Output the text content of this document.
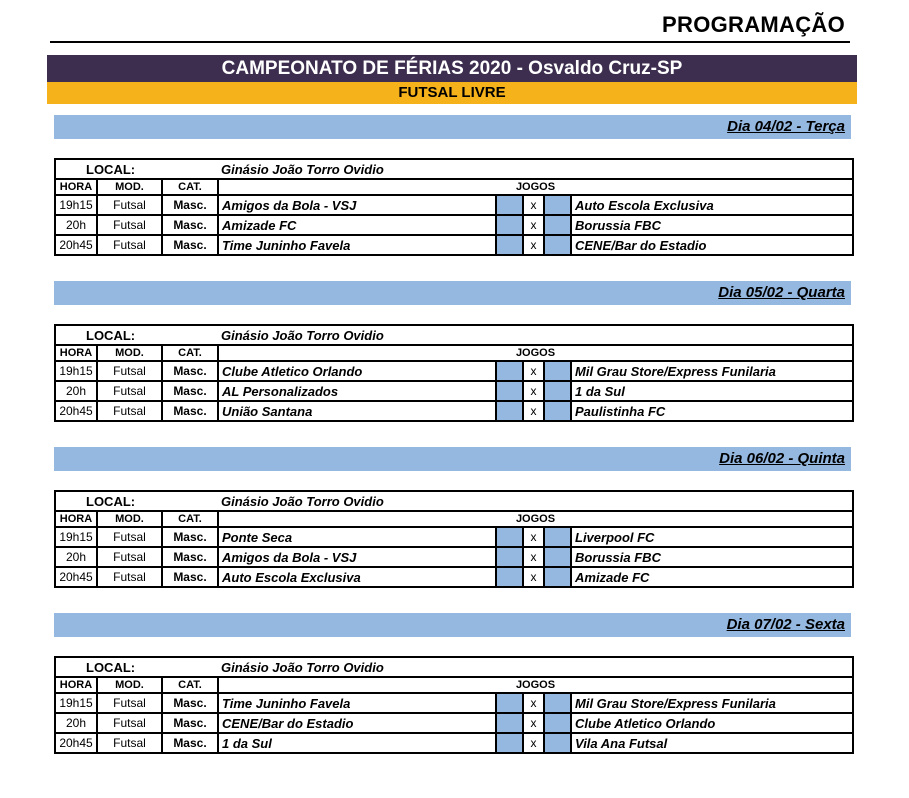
PROGRAMAÇÃO
CAMPEONATO DE FÉRIAS 2020 - Osvaldo Cruz-SP
FUTSAL LIVRE
Dia 04/02 - Terça
LOCAL:			Ginásio João Torro Ovidio				
HORA	MOD.	CAT.	JOGOS				
19h15	Futsal	Masc.	Amigos da Bola - VSJ		x		Auto Escola Exclusiva
20h	Futsal	Masc.	Amizade FC		x		Borussia FBC
20h45	Futsal	Masc.	Time Juninho Favela		x		CENE/Bar do Estadio
Dia 05/02 - Quarta
LOCAL:			Ginásio João Torro Ovidio				
HORA	MOD.	CAT.	JOGOS				
19h15	Futsal	Masc.	Clube Atletico Orlando		x		Mil Grau Store/Express Funilaria
20h	Futsal	Masc.	AL Personalizados		x		1 da Sul
20h45	Futsal	Masc.	União Santana		x		Paulistinha FC
Dia 06/02 - Quinta
LOCAL:			Ginásio João Torro Ovidio				
HORA	MOD.	CAT.	JOGOS				
19h15	Futsal	Masc.	Ponte Seca		x		Liverpool FC
20h	Futsal	Masc.	Amigos da Bola - VSJ		x		Borussia FBC
20h45	Futsal	Masc.	Auto Escola Exclusiva		x		Amizade FC
Dia 07/02 - Sexta
LOCAL:			Ginásio João Torro Ovidio				
HORA	MOD.	CAT.	JOGOS				
19h15	Futsal	Masc.	Time Juninho Favela		x		Mil Grau Store/Express Funilaria
20h	Futsal	Masc.	CENE/Bar do Estadio		x		Clube Atletico Orlando
20h45	Futsal	Masc.	1 da Sul		x		Vila Ana Futsal
